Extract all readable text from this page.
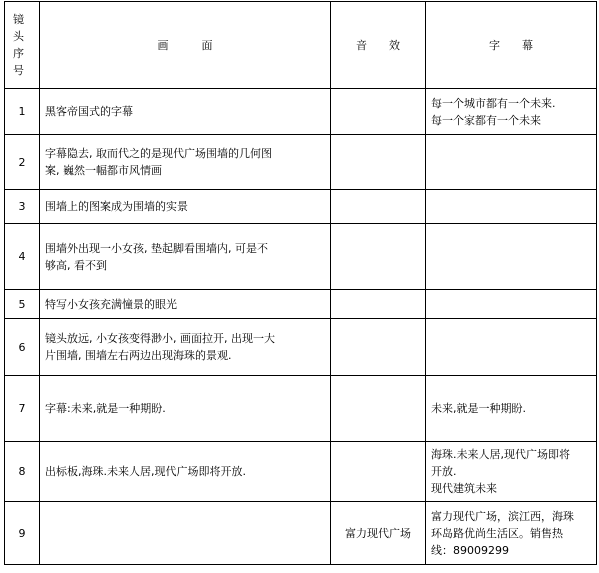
镜
头
序
号	画　　　面	音　　效	字　　幕
1	黑客帝国式的字幕		每一个城市都有一个未来.
每一个家都有一个未来

2	字幕隐去, 取而代之的是现代广场围墙的几何图
案, 巍然一幅都市风情画		

3	围墙上的图案成为围墙的实景		

4	围墙外出现一小女孩, 垫起脚看围墙内, 可是不
够高, 看不到		

5	特写小女孩充满憧景的眼光		

6	镜头放远, 小女孩变得渺小, 画面拉开, 出现一大
片围墙, 围墙左右两边出现海珠的景观.		

7	字幕:未来,就是一种期盼.		未来,就是一种期盼.

8	出标板,海珠.未来人居,现代广场即将开放.		海珠.未来人居,现代广场即将
开放.
现代建筑未来

9		富力现代广场	富力现代广场，滨江西，海珠
环岛路优尚生活区。销售热
线：89009299
